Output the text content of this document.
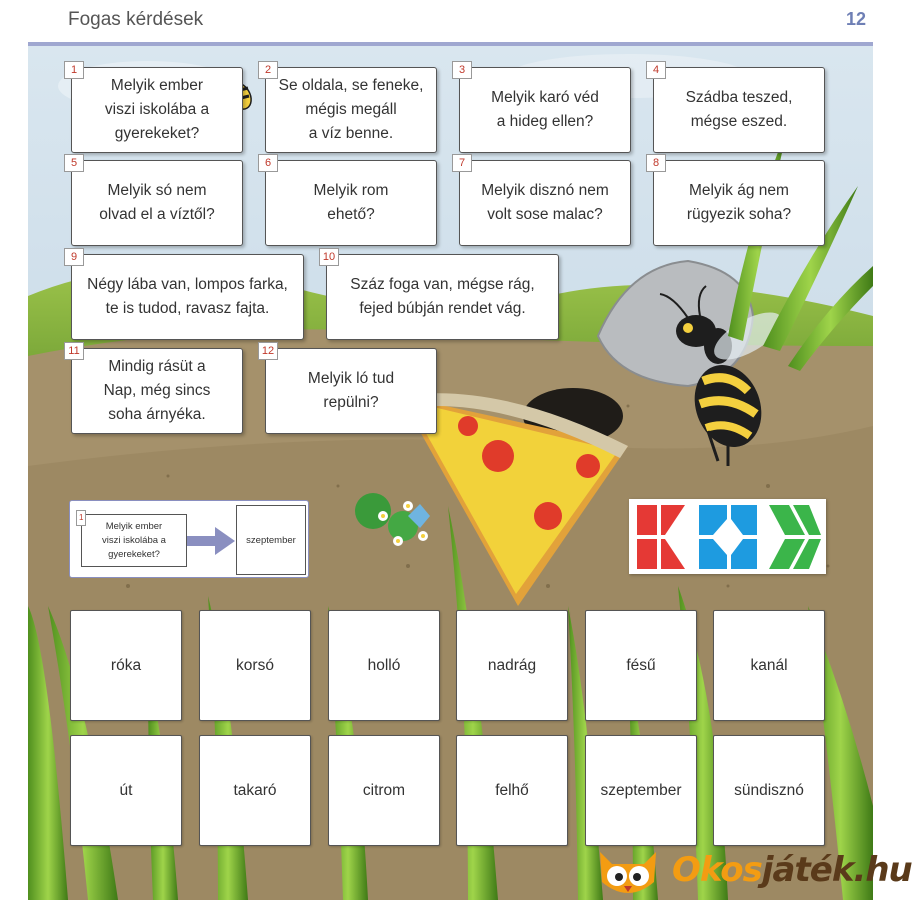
Fogas kérdések	12
1
Melyik ember
viszi iskolába a
gyerekeket?
2
Se oldala, se feneke,
mégis megáll
a víz benne.
3
Melyik karó véd
a hideg ellen?
4
Szádba teszed,
mégse eszed.
5
Melyik só nem
olvad el a víztől?
6
Melyik rom
ehető?
7
Melyik disznó nem
volt sose malac?
8
Melyik ág nem
rügyezik soha?
9
Négy lába van, lompos farka,
te is tudod, ravasz fajta.
10
Száz foga van, mégse rág,
fejed búbján rendet vág.
11
Mindig rásüt a
Nap, még sincs
soha árnyéka.
12
Melyik ló tud
repülni?
1
Melyik ember
viszi iskolába a
gyerekeket?
szeptember
róka	korsó	holló	nadrág	fésű	kanál
út	takaró	citrom	felhő	szeptember	sündisznó
Okosjáték.hu
